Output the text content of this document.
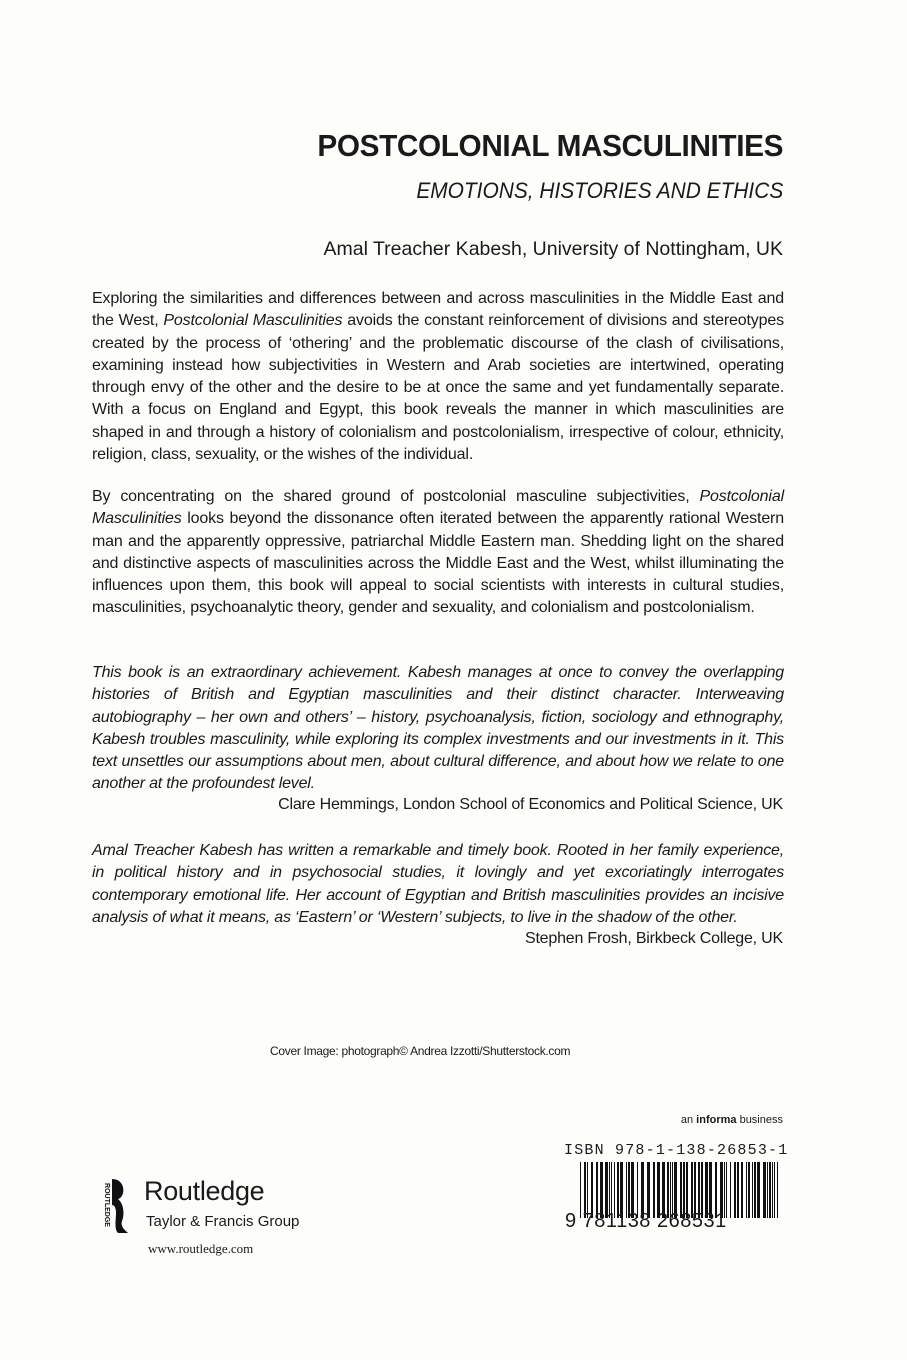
POSTCOLONIAL MASCULINITIES

EMOTIONS, HISTORIES AND ETHICS

Amal Treacher Kabesh, University of Nottingham, UK

Exploring the similarities and differences between and across masculinities in the Middle East and the West, Postcolonial Masculinities avoids the constant reinforcement of divisions and stereotypes created by the process of ‘othering’ and the problematic discourse of the clash of civilisations, examining instead how subjectivities in Western and Arab societies are intertwined, operating through envy of the other and the desire to be at once the same and yet fundamentally separate. With a focus on England and Egypt, this book reveals the manner in which masculinities are shaped in and through a history of colonialism and postcolonialism, irrespective of colour, ethnicity, religion, class, sexuality, or the wishes of the individual.

By concentrating on the shared ground of postcolonial masculine subjectivities, Postcolonial Masculinities looks beyond the dissonance often iterated between the apparently rational Western man and the apparently oppressive, patriarchal Middle Eastern man. Shedding light on the shared and distinctive aspects of masculinities across the Middle East and the West, whilst illuminating the influences upon them, this book will appeal to social scientists with interests in cultural studies, masculinities, psychoanalytic theory, gender and sexuality, and colonialism and postcolonialism.

This book is an extraordinary achievement. Kabesh manages at once to convey the overlapping histories of British and Egyptian masculinities and their distinct character. Interweaving autobiography – her own and others’ – history, psychoanalysis, fiction, sociology and ethnography, Kabesh troubles masculinity, while exploring its complex investments and our investments in it. This text unsettles our assumptions about men, about cultural difference, and about how we relate to one another at the profoundest level.

Clare Hemmings, London School of Economics and Political Science, UK

Amal Treacher Kabesh has written a remarkable and timely book. Rooted in her family experience, in political history and in psychosocial studies, it lovingly and yet excoriatingly interrogates contemporary emotional life. Her account of Egyptian and British masculinities provides an incisive analysis of what it means, as ‘Eastern’ or ‘Western’ subjects, to live in the shadow of the other.

Stephen Frosh, Birkbeck College, UK

Cover Image: photograph© Andrea Izzotti/Shutterstock.com
an informa business
ISBN 978-1-138-26853-1
9 781138 268531
ROUTLEDGE Routledge
Taylor & Francis Group
www.routledge.com
